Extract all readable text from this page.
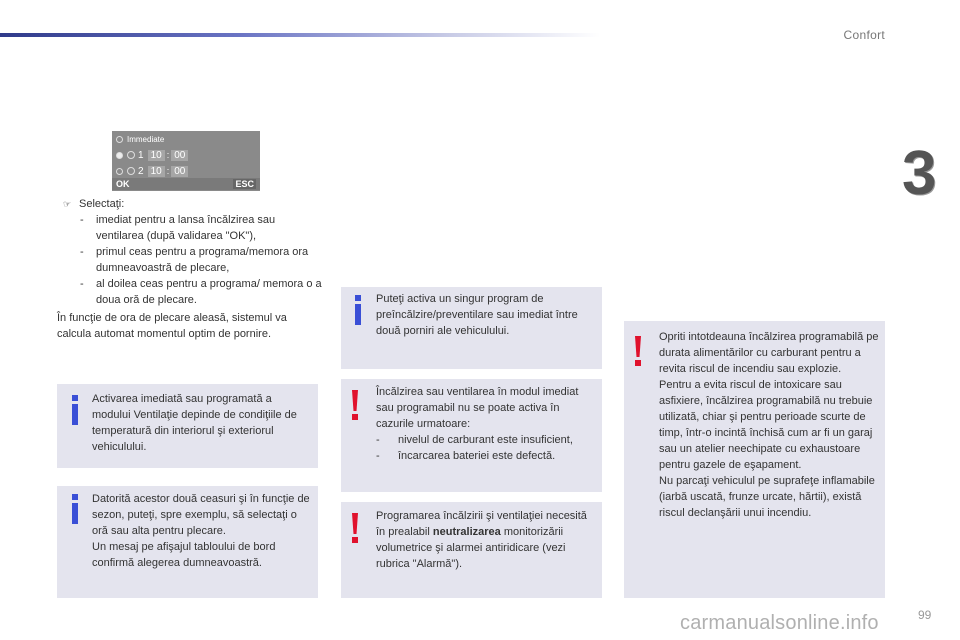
Confort
3
99
carmanualsonline.info
Immediate
1 10 : 00
2 10 : 00
OK	ESC
☞ Selectaţi:
-	imediat pentru a lansa încălzirea sau ventilarea (după validarea "OK"),
-	primul ceas pentru a programa/memora ora dumneavoastră de plecare,
-	al doilea ceas pentru a programa/ memora o a doua oră de plecare.
În funcţie de ora de plecare aleasă, sistemul va calcula automat momentul optim de pornire.
Activarea imediată sau programată a modului Ventilaţie depinde de condiţiile de temperatură din interiorul şi exteriorul vehiculului.
Datorită acestor două ceasuri şi în funcţie de sezon, puteţi, spre exemplu, să selectaţi o oră sau alta pentru plecare.
Un mesaj pe afişajul tabloului de bord confirmă alegerea dumneavoastră.
Puteţi activa un singur program de preîncălzire/preventilare sau imediat între două porniri ale vehiculului.
Încălzirea sau ventilarea în modul imediat sau programabil nu se poate activa în cazurile urmatoare:
- nivelul de carburant este insuficient,
- încarcarea bateriei este defectă.
Programarea încălzirii şi ventilaţiei necesită în prealabil neutralizarea monitorizării volumetrice şi alarmei antiridicare (vezi rubrica "Alarmă").
Opriti intotdeauna încălzirea programabilă pe durata alimentărilor cu carburant pentru a revita riscul de incendiu sau explozie.
Pentru a evita riscul de intoxicare sau asfixiere, încălzirea programabilă nu trebuie utilizată, chiar şi pentru perioade scurte de timp, într-o incintă închisă cum ar fi un garaj sau un atelier neechipate cu exhaustoare pentru gazele de eşapament.
Nu parcaţi vehiculul pe suprafeţe inflamabile (iarbă uscată, frunze urcate, hărtii), există riscul declanşării unui incendiu.
